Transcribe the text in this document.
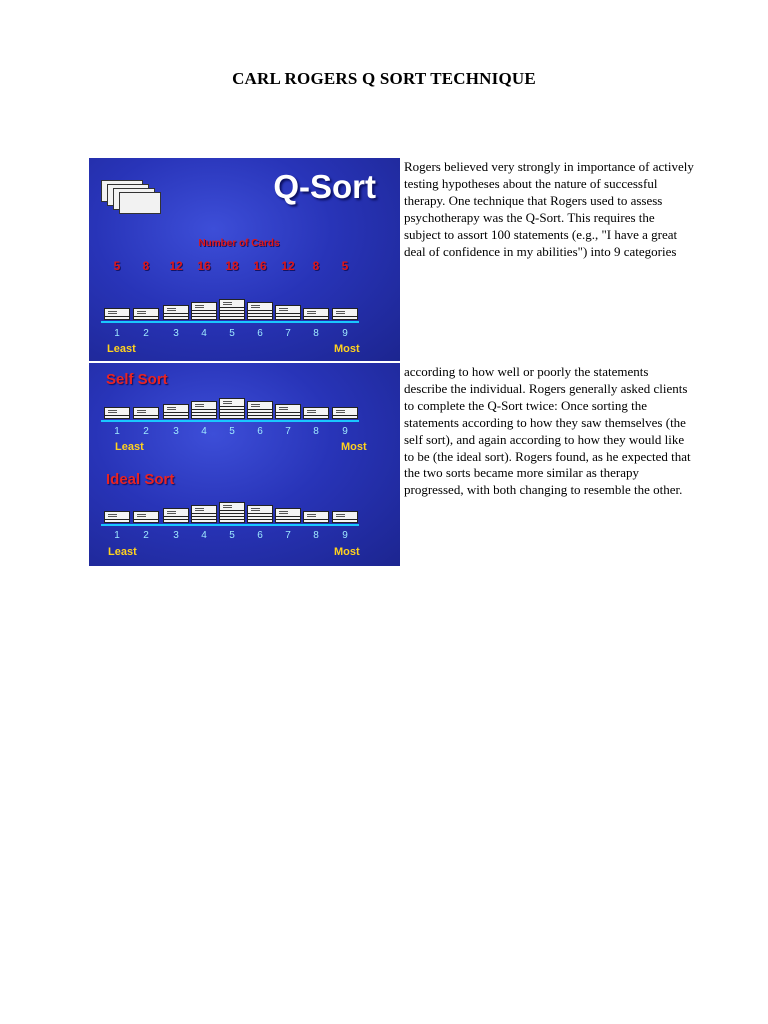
CARL ROGERS Q SORT TECHNIQUE
Q-Sort
Number of Cards
5	8	12	16	18	16	12	8	5
1	2	3	4	5	6	7	8	9
Least	Most
Self Sort
1	2	3	4	5	6	7	8	9
Least	Most
Ideal Sort
1	2	3	4	5	6	7	8	9
Least	Most
Rogers believed very strongly in importance of actively testing hypotheses about the nature of successful therapy. One technique that Rogers used to assess psychotherapy was the Q-Sort. This requires the subject to assort 100 statements (e.g., "I have a great deal of confidence in my abilities") into 9 categories
according to how well or poorly the statements describe the individual. Rogers generally asked clients to complete the Q-Sort twice: Once sorting the statements according to how they saw themselves (the self sort), and again according to how they would like to be (the ideal sort). Rogers found, as he expected that the two sorts became more similar as therapy progressed, with both changing to resemble the other.
